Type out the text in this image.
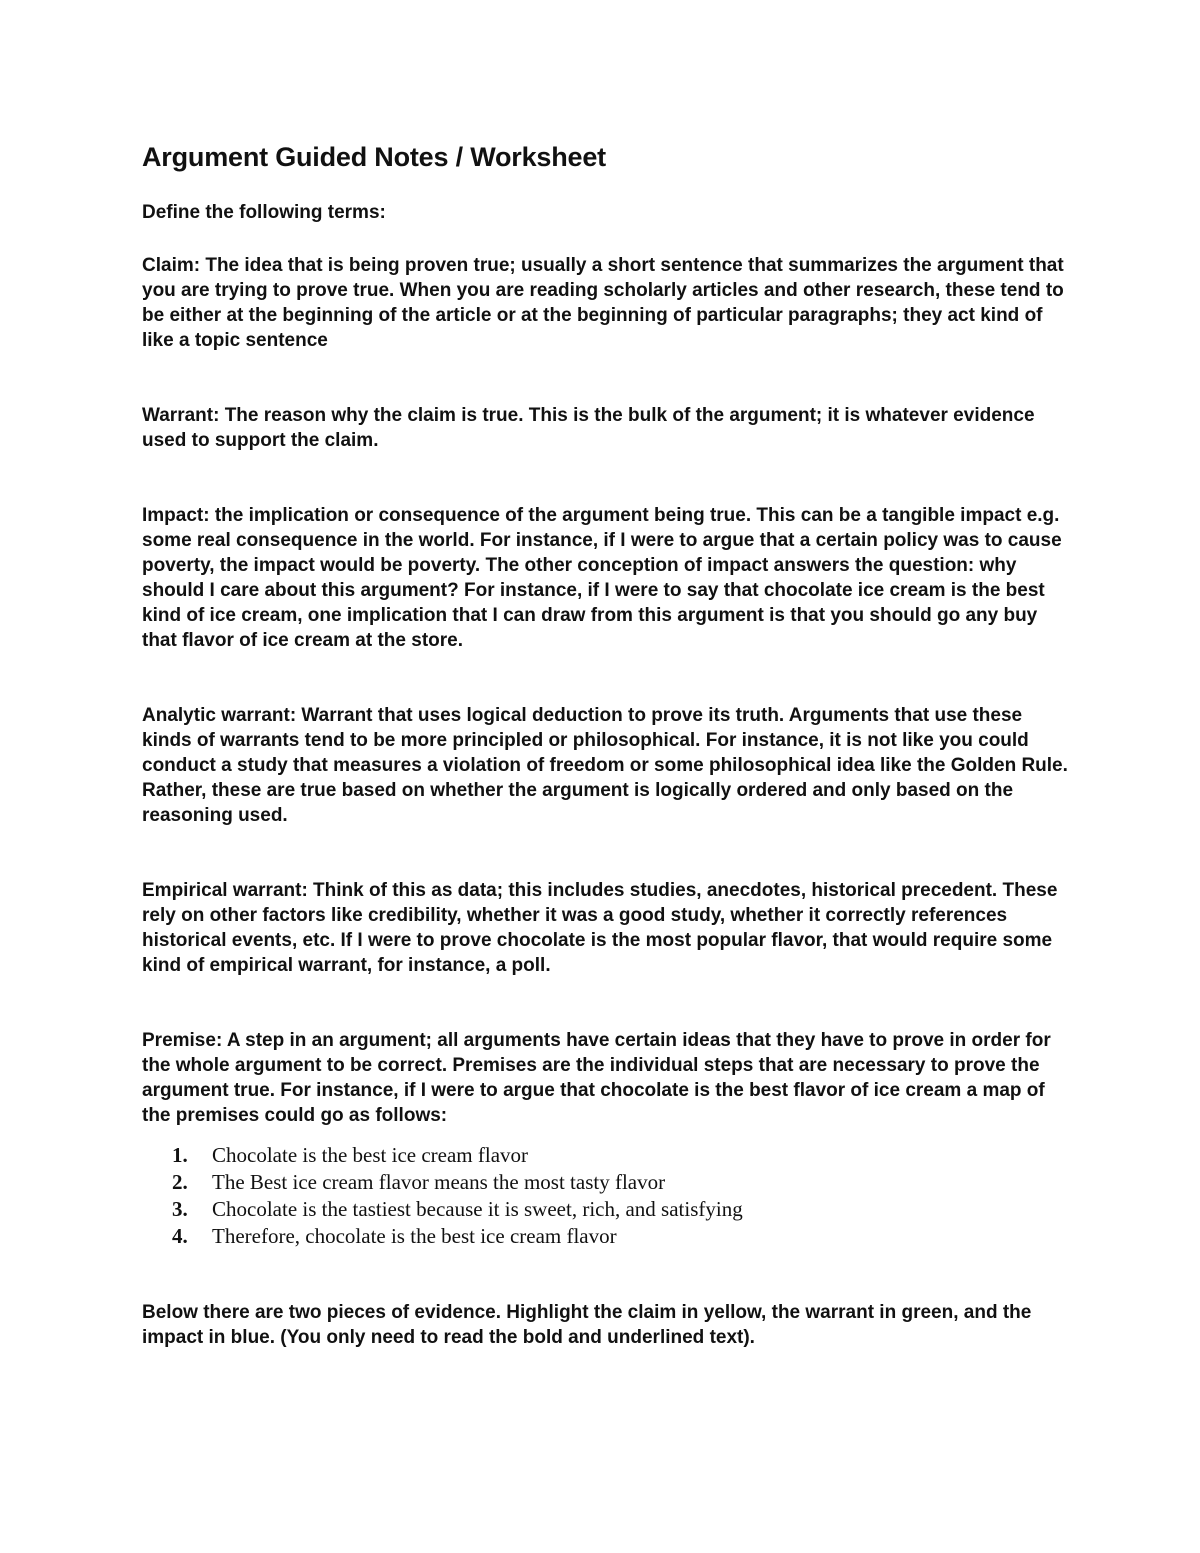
Argument Guided Notes / Worksheet

Define the following terms:

Claim: The idea that is being proven true; usually a short sentence that summarizes the argument that you are trying to prove true. When you are reading scholarly articles and other research, these tend to be either at the beginning of the article or at the beginning of particular paragraphs; they act kind of like a topic sentence

Warrant: The reason why the claim is true. This is the bulk of the argument; it is whatever evidence used to support the claim.

Impact: the implication or consequence of the argument being true. This can be a tangible impact e.g. some real consequence in the world. For instance, if I were to argue that a certain policy was to cause poverty, the impact would be poverty. The other conception of impact answers the question: why should I care about this argument? For instance, if I were to say that chocolate ice cream is the best kind of ice cream, one implication that I can draw from this argument is that you should go any buy that flavor of ice cream at the store.

Analytic warrant: Warrant that uses logical deduction to prove its truth. Arguments that use these kinds of warrants tend to be more principled or philosophical. For instance, it is not like you could conduct a study that measures a violation of freedom or some philosophical idea like the Golden Rule. Rather, these are true based on whether the argument is logically ordered and only based on the reasoning used.

Empirical warrant: Think of this as data; this includes studies, anecdotes, historical precedent. These rely on other factors like credibility, whether it was a good study, whether it correctly references historical events, etc. If I were to prove chocolate is the most popular flavor, that would require some kind of empirical warrant, for instance, a poll.

Premise: A step in an argument; all arguments have certain ideas that they have to prove in order for the whole argument to be correct. Premises are the individual steps that are necessary to prove the argument true. For instance, if I were to argue that chocolate is the best flavor of ice cream a map of the premises could go as follows:

1.	Chocolate is the best ice cream flavor
2.	The Best ice cream flavor means the most tasty flavor
3.	Chocolate is the tastiest because it is sweet, rich, and satisfying
4.	Therefore, chocolate is the best ice cream flavor

Below there are two pieces of evidence. Highlight the claim in yellow, the warrant in green, and the impact in blue. (You only need to read the bold and underlined text).
